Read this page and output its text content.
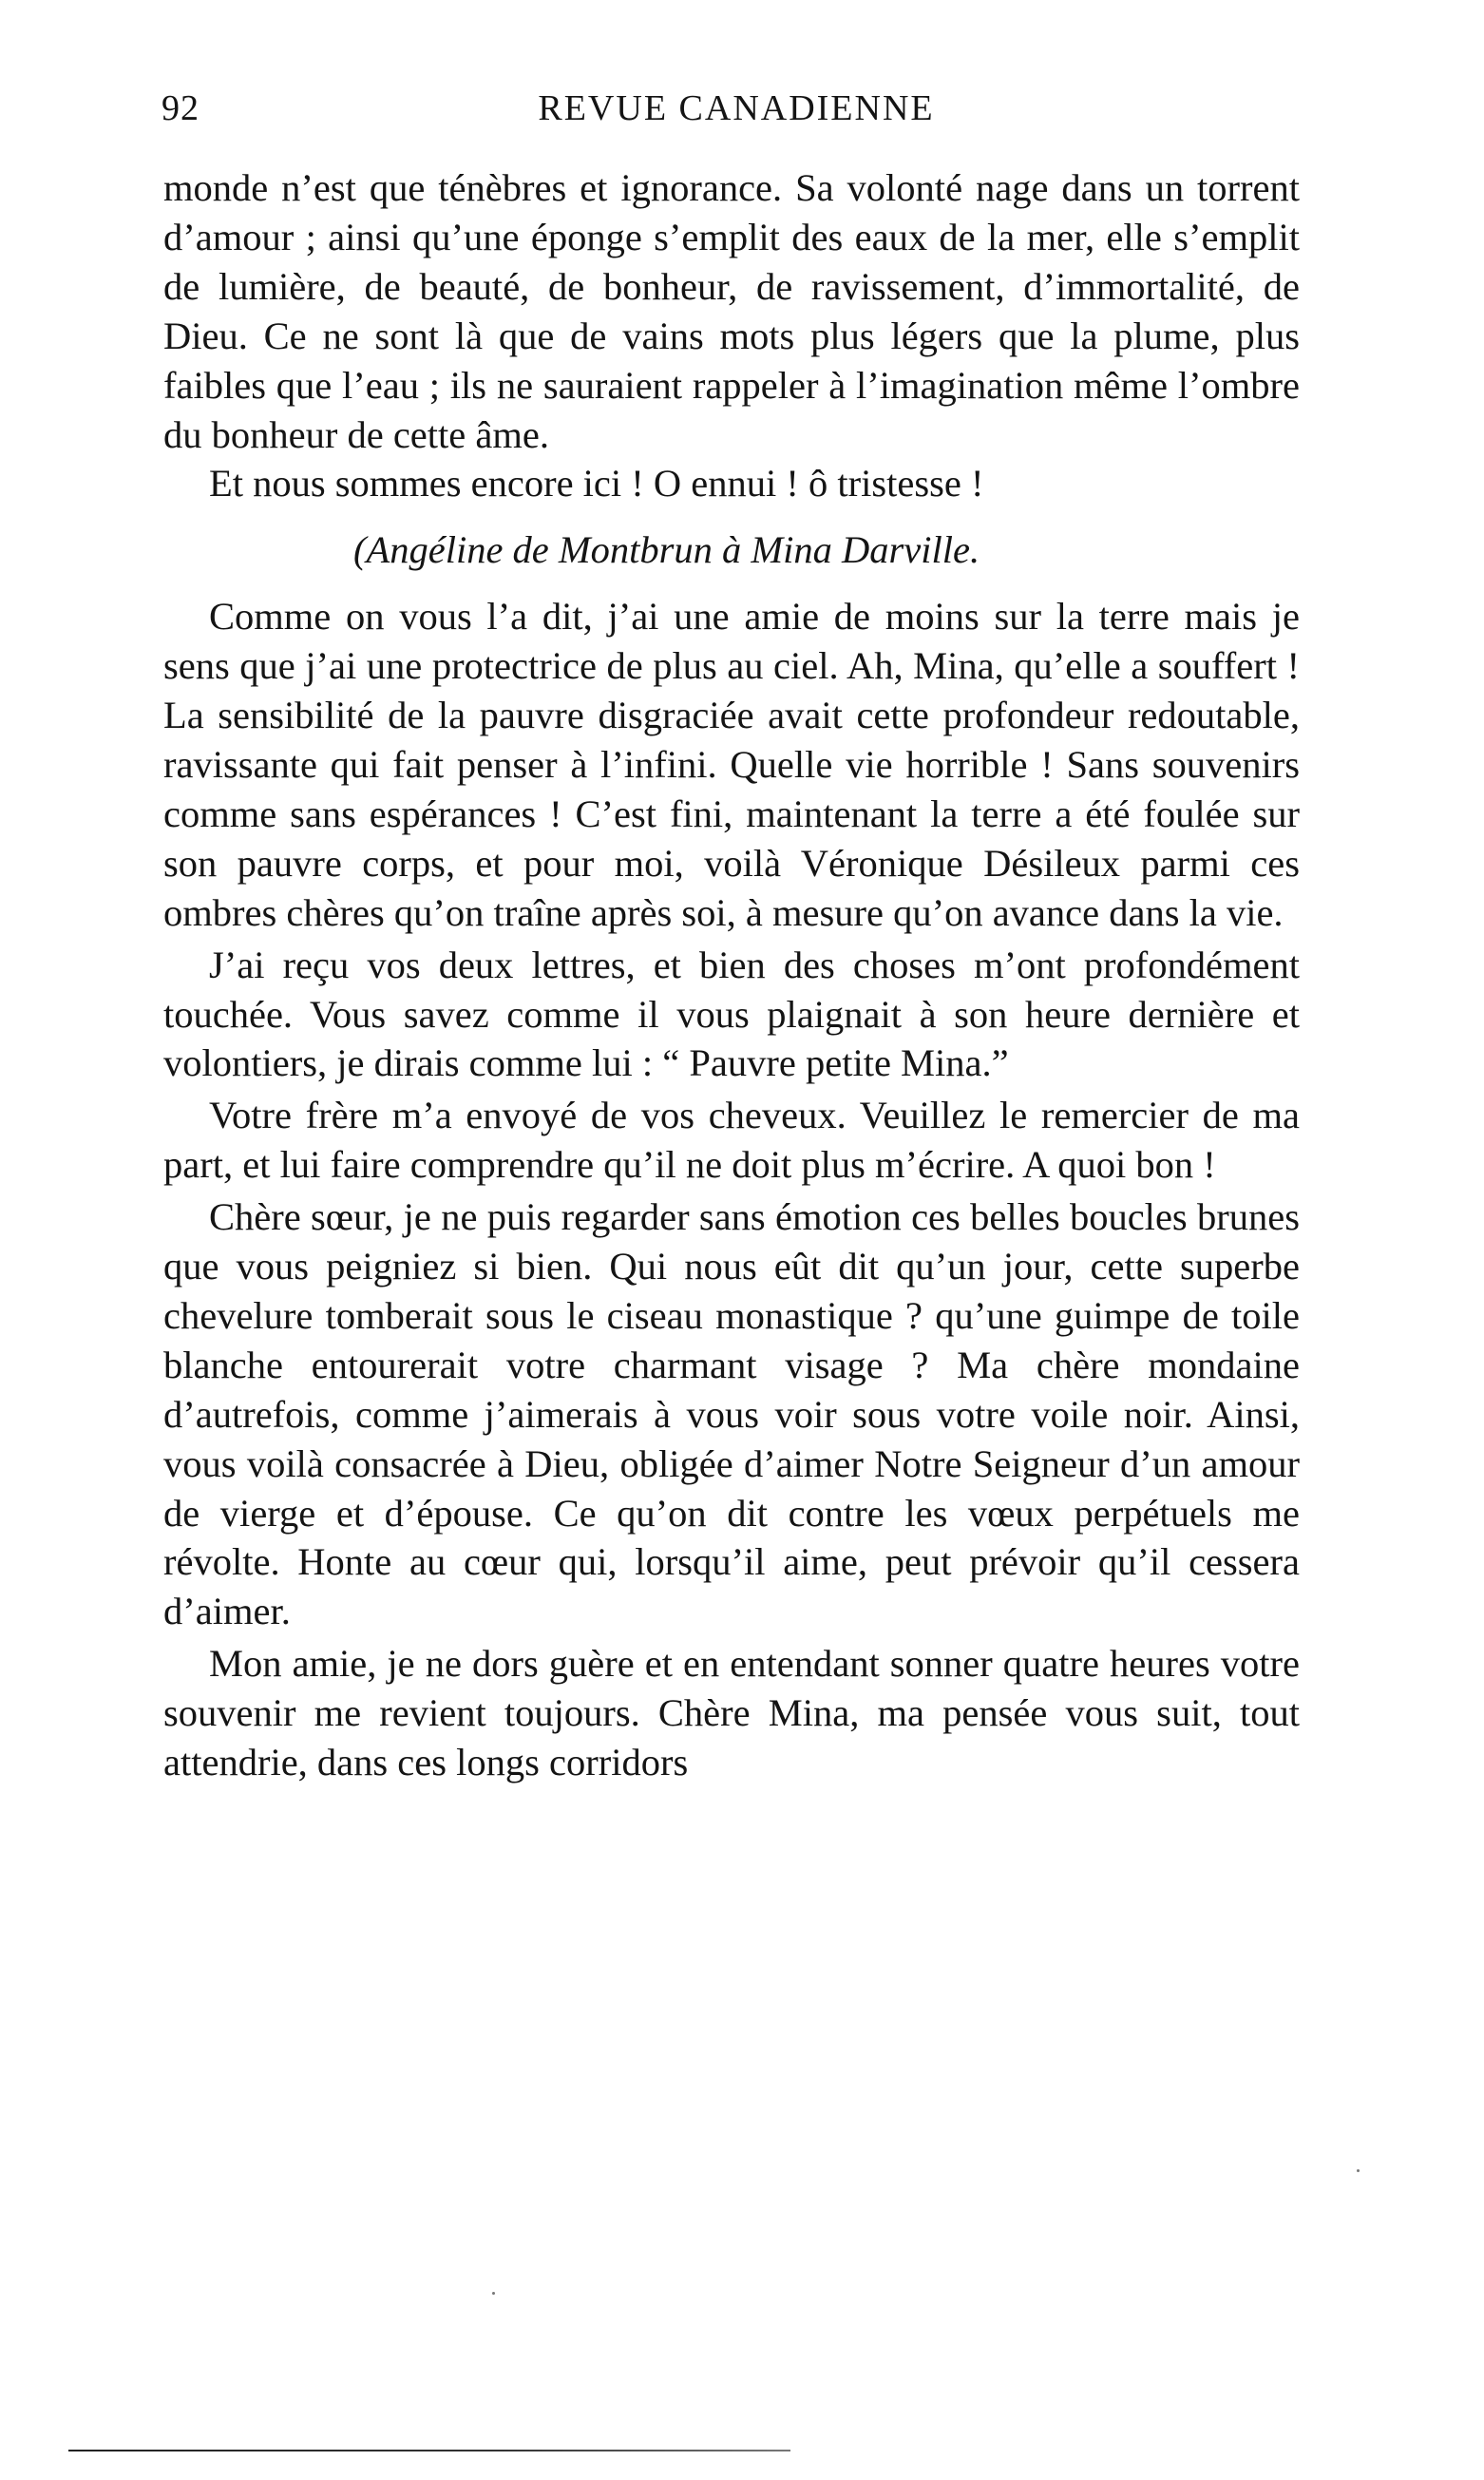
92	REVUE CANADIENNE

monde n’est que ténèbres et ignorance. Sa volonté nage dans un torrent d’amour ; ainsi qu’une éponge s’emplit des eaux de la mer, elle s’emplit de lumière, de beauté, de bonheur, de ravissement, d’immortalité, de Dieu. Ce ne sont là que de vains mots plus légers que la plume, plus faibles que l’eau ; ils ne sauraient rappeler à l’imagination même l’ombre du bonheur de cette âme.

Et nous sommes encore ici ! O ennui ! ô tristesse !

(Angéline de Montbrun à Mina Darville.

Comme on vous l’a dit, j’ai une amie de moins sur la terre mais je sens que j’ai une protectrice de plus au ciel. Ah, Mina, qu’elle a souffert ! La sensibilité de la pauvre disgraciée avait cette profondeur redoutable, ravissante qui fait penser à l’infini. Quelle vie horrible ! Sans souvenirs comme sans espérances ! C’est fini, maintenant la terre a été foulée sur son pauvre corps, et pour moi, voilà Véronique Désileux parmi ces ombres chères qu’on traîne après soi, à mesure qu’on avance dans la vie.

J’ai reçu vos deux lettres, et bien des choses m’ont profondément touchée. Vous savez comme il vous plaignait à son heure dernière et volontiers, je dirais comme lui : “ Pauvre petite Mina.”

Votre frère m’a envoyé de vos cheveux. Veuillez le remercier de ma part, et lui faire comprendre qu’il ne doit plus m’écrire. A quoi bon !

Chère sœur, je ne puis regarder sans émotion ces belles boucles brunes que vous peigniez si bien. Qui nous eût dit qu’un jour, cette superbe chevelure tomberait sous le ciseau monastique ? qu’une guimpe de toile blanche entourerait votre charmant visage ? Ma chère mondaine d’autrefois, comme j’aimerais à vous voir sous votre voile noir. Ainsi, vous voilà consacrée à Dieu, obligée d’aimer Notre Seigneur d’un amour de vierge et d’épouse. Ce qu’on dit contre les vœux perpétuels me révolte. Honte au cœur qui, lorsqu’il aime, peut prévoir qu’il cessera d’aimer.

Mon amie, je ne dors guère et en entendant sonner quatre heures votre souvenir me revient toujours. Chère Mina, ma pensée vous suit, tout attendrie, dans ces longs corridors
